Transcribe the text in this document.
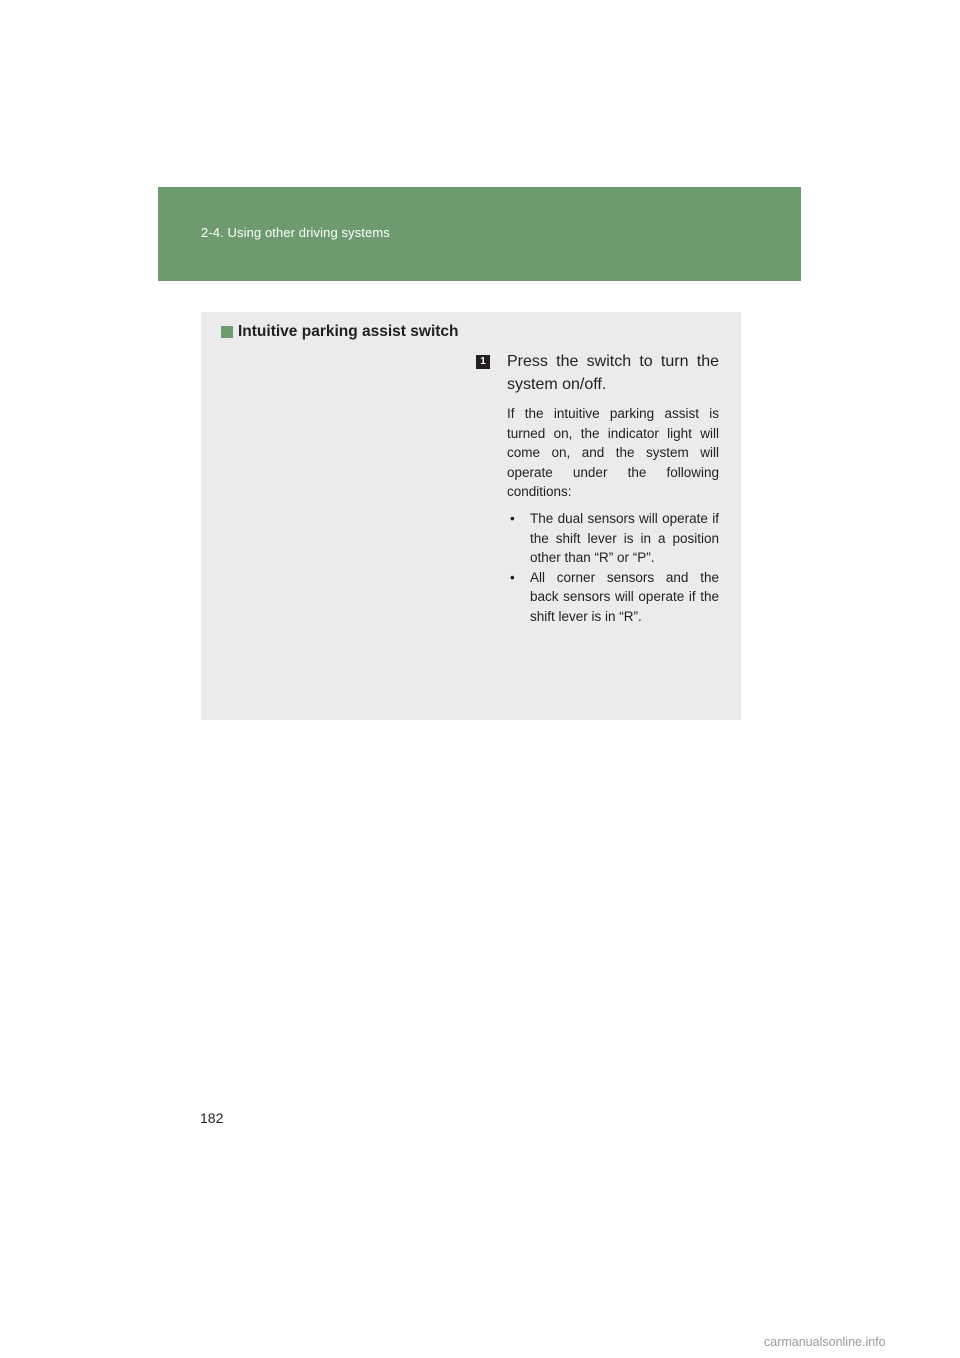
2-4. Using other driving systems
Intuitive parking assist switch
1 Press the switch to turn the system on/off.
If the intuitive parking assist is turned on, the indicator light will come on, and the system will operate under the following conditions:
• The dual sensors will operate if the shift lever is in a position other than “R” or “P”.
• All corner sensors and the back sensors will operate if the shift lever is in “R”.
182
carmanualsonline.info
